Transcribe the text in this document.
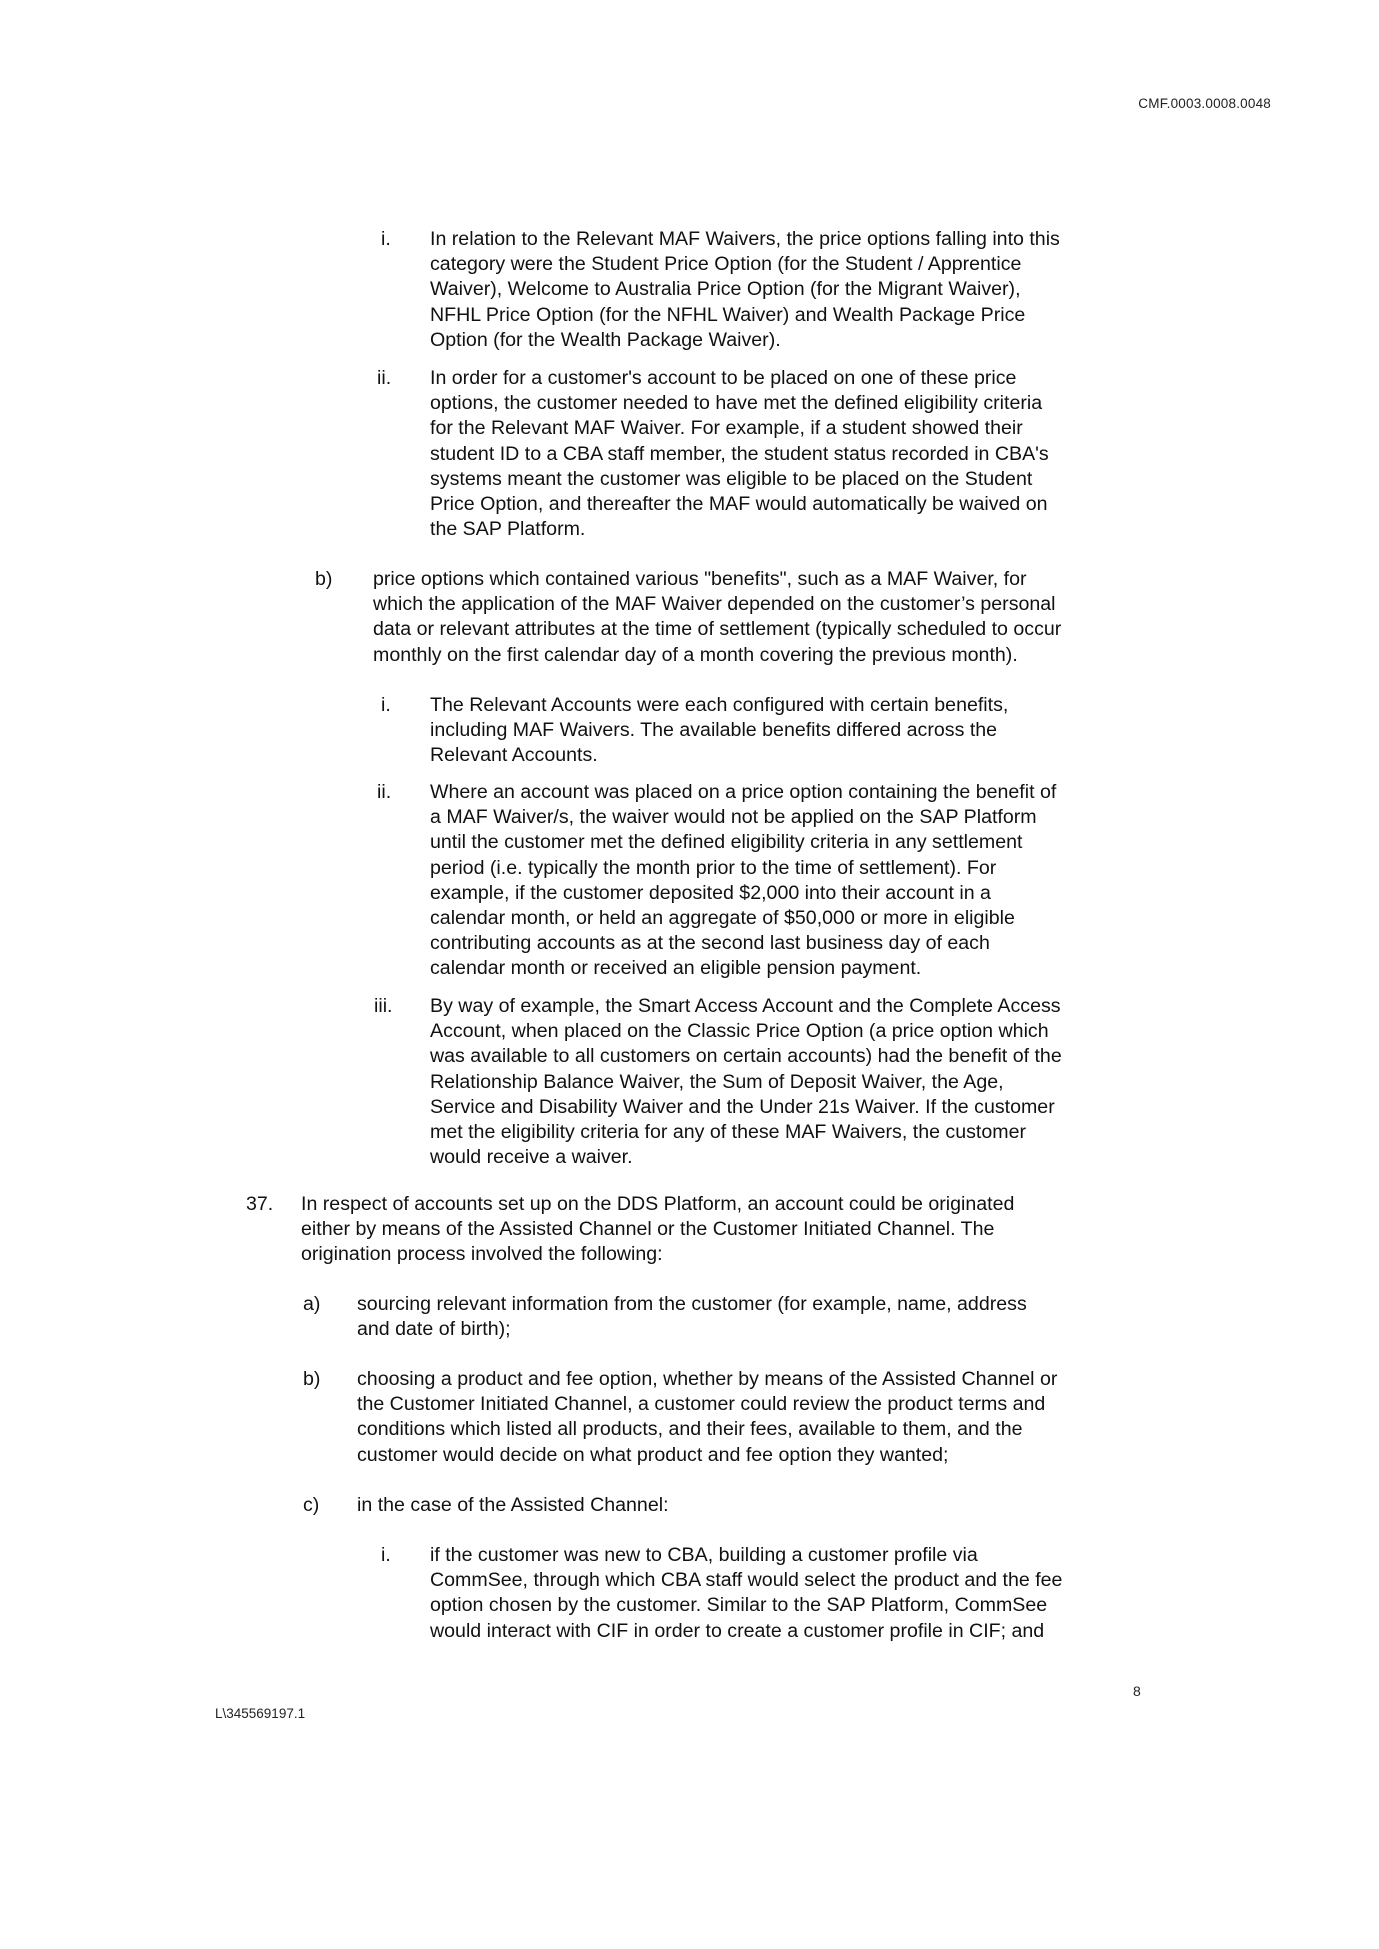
CMF.0003.0008.0048
i. In relation to the Relevant MAF Waivers, the price options falling into this
category were the Student Price Option (for the Student / Apprentice
Waiver), Welcome to Australia Price Option (for the Migrant Waiver),
NFHL Price Option (for the NFHL Waiver) and Wealth Package Price
Option (for the Wealth Package Waiver).
ii. In order for a customer's account to be placed on one of these price
options, the customer needed to have met the defined eligibility criteria
for the Relevant MAF Waiver. For example, if a student showed their
student ID to a CBA staff member, the student status recorded in CBA's
systems meant the customer was eligible to be placed on the Student
Price Option, and thereafter the MAF would automatically be waived on
the SAP Platform.
b) price options which contained various "benefits", such as a MAF Waiver, for
which the application of the MAF Waiver depended on the customer’s personal
data or relevant attributes at the time of settlement (typically scheduled to occur
monthly on the first calendar day of a month covering the previous month).
i. The Relevant Accounts were each configured with certain benefits,
including MAF Waivers. The available benefits differed across the
Relevant Accounts.
ii. Where an account was placed on a price option containing the benefit of
a MAF Waiver/s, the waiver would not be applied on the SAP Platform
until the customer met the defined eligibility criteria in any settlement
period (i.e. typically the month prior to the time of settlement). For
example, if the customer deposited $2,000 into their account in a
calendar month, or held an aggregate of $50,000 or more in eligible
contributing accounts as at the second last business day of each
calendar month or received an eligible pension payment.
iii. By way of example, the Smart Access Account and the Complete Access
Account, when placed on the Classic Price Option (a price option which
was available to all customers on certain accounts) had the benefit of the
Relationship Balance Waiver, the Sum of Deposit Waiver, the Age,
Service and Disability Waiver and the Under 21s Waiver. If the customer
met the eligibility criteria for any of these MAF Waivers, the customer
would receive a waiver.
37. In respect of accounts set up on the DDS Platform, an account could be originated
either by means of the Assisted Channel or the Customer Initiated Channel. The
origination process involved the following:
a) sourcing relevant information from the customer (for example, name, address
and date of birth);
b) choosing a product and fee option, whether by means of the Assisted Channel or
the Customer Initiated Channel, a customer could review the product terms and
conditions which listed all products, and their fees, available to them, and the
customer would decide on what product and fee option they wanted;
c) in the case of the Assisted Channel:
i. if the customer was new to CBA, building a customer profile via
CommSee, through which CBA staff would select the product and the fee
option chosen by the customer. Similar to the SAP Platform, CommSee
would interact with CIF in order to create a customer profile in CIF; and
8
L\345569197.1
